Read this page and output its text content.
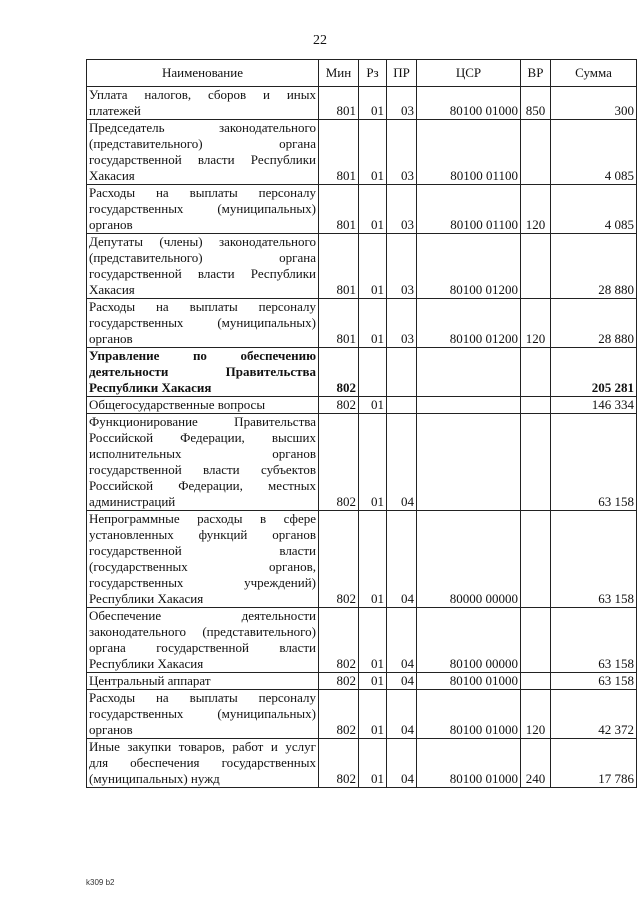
22
Наименование	Мин	Рз	ПР	ЦСР	ВР	Сумма
Уплата налогов, сборов и иных платежей	801	01	03	80100 01000	850	300
Председатель законодательного (представительного) органа государственной власти Республики Хакасия	801	01	03	80100 01100		4 085
Расходы на выплаты персоналу государственных (муниципальных) органов	801	01	03	80100 01100	120	4 085
Депутаты (члены) законодательного (представительного) органа государственной власти Республики Хакасия	801	01	03	80100 01200		28 880
Расходы на выплаты персоналу государственных (муниципальных) органов	801	01	03	80100 01200	120	28 880
Управление по обеспечению деятельности Правительства Республики Хакасия	802					205 281
Общегосударственные вопросы	802	01				146 334
Функционирование Правительства Российской Федерации, высших исполнительных органов государственной власти субъектов Российской Федерации, местных администраций	802	01	04			63 158
Непрограммные расходы в сфере установленных функций органов государственной власти (государственных органов, государственных учреждений) Республики Хакасия	802	01	04	80000 00000		63 158
Обеспечение деятельности законодательного (представительного) органа государственной власти Республики Хакасия	802	01	04	80100 00000		63 158
Центральный аппарат	802	01	04	80100 01000		63 158
Расходы на выплаты персоналу государственных (муниципальных) органов	802	01	04	80100 01000	120	42 372
Иные закупки товаров, работ и услуг для обеспечения государственных (муниципальных) нужд	802	01	04	80100 01000	240	17 786
k309 b2
